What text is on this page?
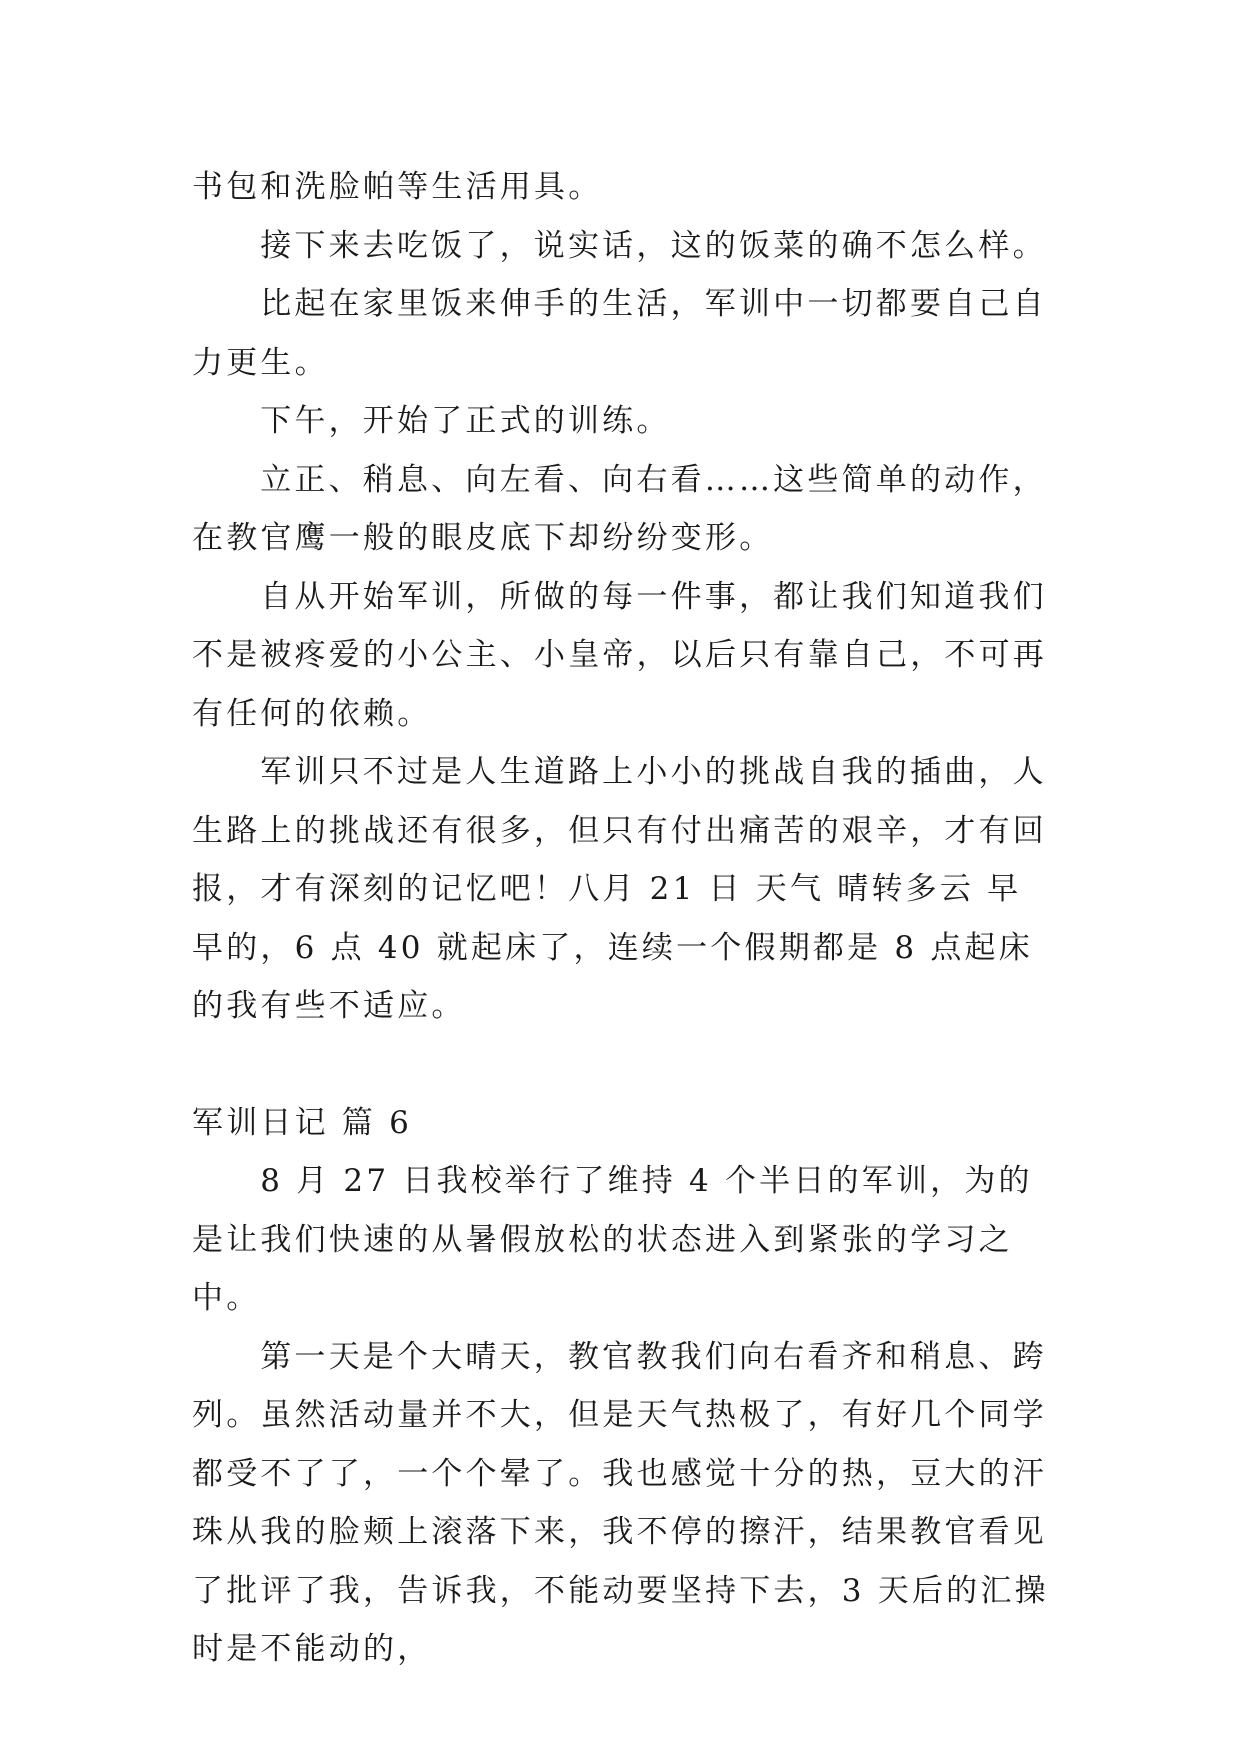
书包和洗脸帕等生活用具。

接下来去吃饭了，说实话，这的饭菜的确不怎么样。

比起在家里饭来伸手的生活，军训中一切都要自己自力更生。

下午，开始了正式的训练。

立正、稍息、向左看、向右看……这些简单的动作，在教官鹰一般的眼皮底下却纷纷变形。

自从开始军训，所做的每一件事，都让我们知道我们不是被疼爱的小公主、小皇帝，以后只有靠自己，不可再有任何的依赖。

军训只不过是人生道路上小小的挑战自我的插曲，人生路上的挑战还有很多，但只有付出痛苦的艰辛，才有回报，才有深刻的记忆吧！八月 21 日 天气 晴转多云 早早的，6 点 40 就起床了，连续一个假期都是 8 点起床的我有些不适应。

军训日记 篇 6

8 月 27 日我校举行了维持 4 个半日的军训，为的是让我们快速的从暑假放松的状态进入到紧张的学习之中。

第一天是个大晴天，教官教我们向右看齐和稍息、跨列。虽然活动量并不大，但是天气热极了，有好几个同学都受不了了，一个个晕了。我也感觉十分的热，豆大的汗珠从我的脸颊上滚落下来，我不停的擦汗，结果教官看见了批评了我，告诉我，不能动要坚持下去，3 天后的汇操时是不能动的，
